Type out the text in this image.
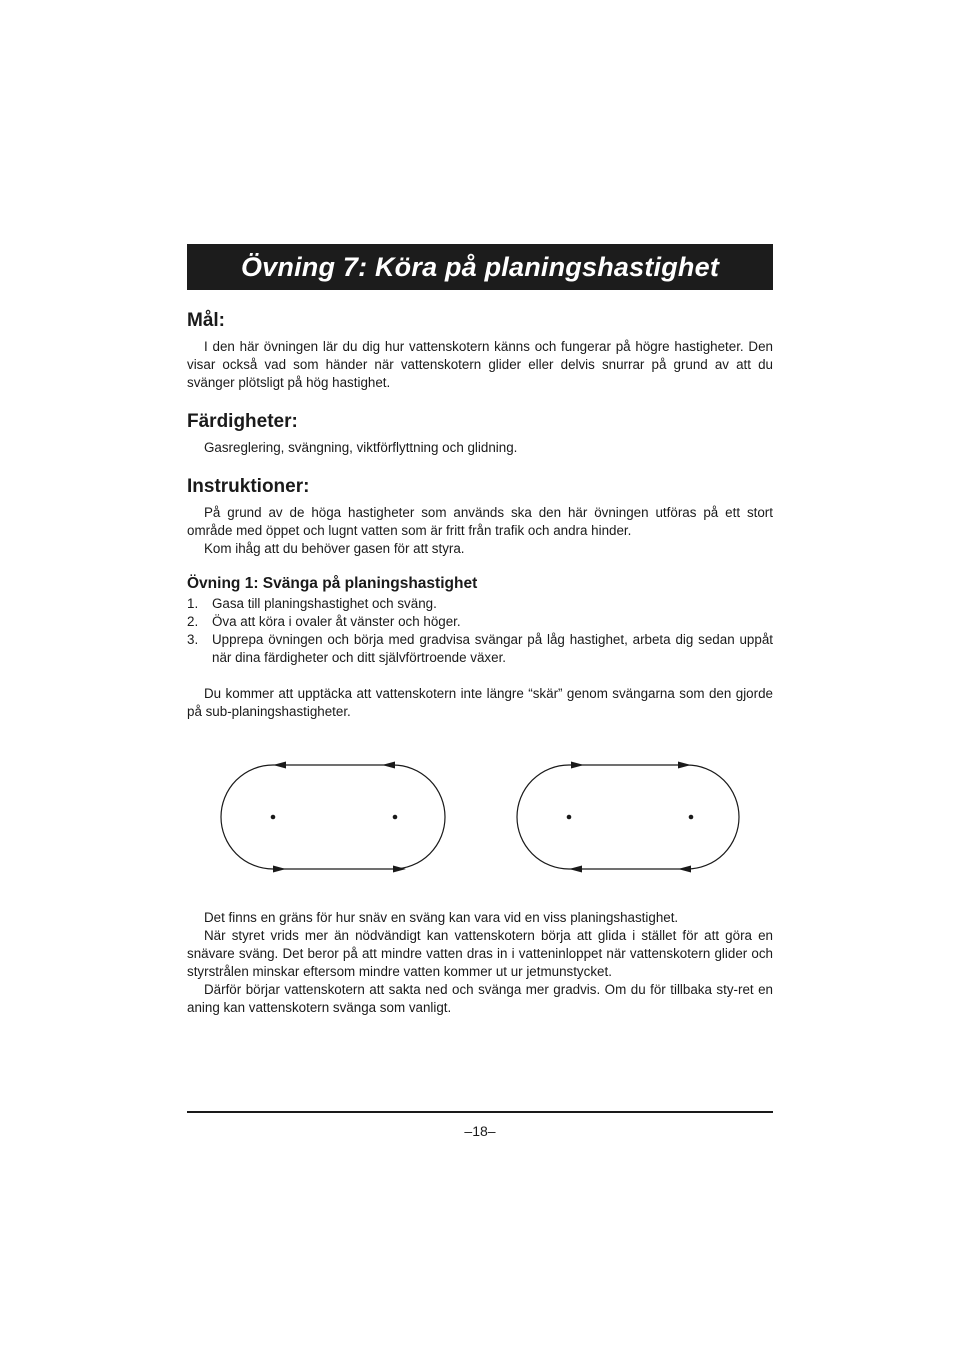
Övning 7: Köra på planingshastighet
Mål:

I den här övningen lär du dig hur vattenskotern känns och fungerar på högre hastigheter. Den visar också vad som händer när vattenskotern glider eller delvis snurrar på grund av att du svänger plötsligt på hög hastighet.

Färdigheter:

Gasreglering, svängning, viktförflyttning och glidning.

Instruktioner:

På grund av de höga hastigheter som används ska den här övningen utföras på ett stort område med öppet och lugnt vatten som är fritt från trafik och andra hinder.

Kom ihåg att du behöver gasen för att styra.

Övning 1: Svänga på planingshastighet
1.	Gasa till planingshastighet och sväng.
2.	Öva att köra i ovaler åt vänster och höger.
3.	Upprepa övningen och börja med gradvisa svängar på låg hastighet, arbeta dig sedan uppåt när dina färdigheter och ditt självförtroende växer.

Du kommer att upptäcka att vattenskotern inte längre “skär” genom svängarna som den gjorde på sub-planingshastigheter.

Det finns en gräns för hur snäv en sväng kan vara vid en viss planingshastighet.

När styret vrids mer än nödvändigt kan vattenskotern börja att glida i stället för att göra en snävare sväng. Det beror på att mindre vatten dras in i vatteninloppet när vattenskotern glider och styrstrålen minskar eftersom mindre vatten kommer ut ur jetmunstycket.

Därför börjar vattenskotern att sakta ned och svänga mer gradvis. Om du för tillbaka sty-ret en aning kan vattenskotern svänga som vanligt.

–18–
